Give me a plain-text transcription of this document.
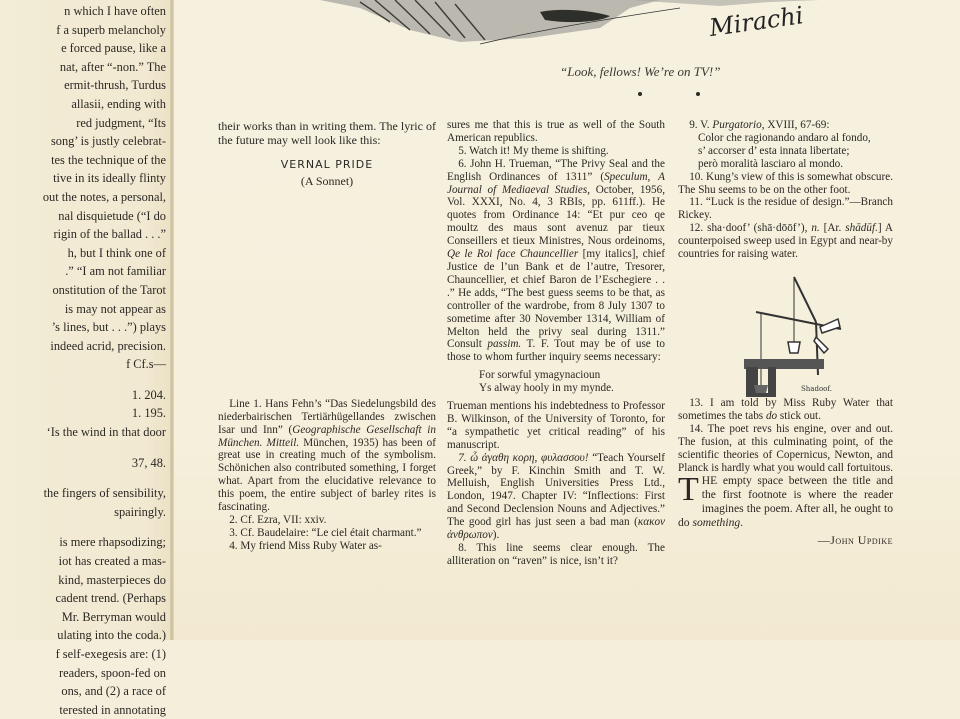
n which I have often

f a superb melancholy

e forced pause, like a

nat, after “-non.” The

ermit-thrush, Turdus

allasii, ending with

red judgment, “Its

song’ is justly celebrat-

tes the technique of the

tive in its ideally flinty

out the notes, a personal,

nal disquietude (“I do

rigin of the ballad . . .”

h, but I think one of

.” “I am not familiar

onstitution of the Tarot

is may not appear as

’s lines, but . . .”) plays

indeed acrid, precision.

f Cf.s—

1. 204.

1. 195.

‘Is the wind in that door

37, 48.

the fingers of sensibility,

spairingly.

is mere rhapsodizing;

iot has created a mas-

kind, masterpieces do

cadent trend. (Perhaps

Mr. Berryman would

ulating into the coda.)

f self-exegesis are: (1)

readers, spoon-fed on

ons, and (2) a race of

terested in annotating

Mirachi
“Look, fellows! We’re on TV!”

their works than in writing them. The lyric of the future may well look like this:

VERNAL PRIDE
(A Sonnet)

Line 1. Hans Fehn’s “Das Siedelungsbild des niederbairischen Tertiärhügellandes zwischen Isar und Inn” (Geographische Gesellschaft in München. Mitteil. München, 1935) has been of great use in creating much of the symbolism. Schönichen also contributed something, I forget what. Apart from the elucidative relevance to this poem, the entire subject of barley rites is fascinating.

2. Cf. Ezra, VII: xxiv.

3. Cf. Baudelaire: “Le ciel était charmant.”

4. My friend Miss Ruby Water as-

sures me that this is true as well of the South American republics.

5. Watch it! My theme is shifting.

6. John H. Trueman, “The Privy Seal and the English Ordinances of 1311” (Speculum, A Journal of Mediaeval Studies, October, 1956, Vol. XXXI, No. 4, 3 RBIs, pp. 611ff.). He quotes from Ordinance 14: “Et pur ceo qe moultz des maus sont avenuz par tieux Conseillers et tieux Ministres, Nous ordeinoms, Qe le Roi face Chauncellier [my italics], chief Justice de l’un Bank et de l’autre, Tresorer, Chauncellier, et chief Baron de l’Eschegiere . . .” He adds, “The best guess seems to be that, as controller of the wardrobe, from 8 July 1307 to sometime after 30 November 1314, William of Melton held the privy seal during 1311.” Consult passim. T. F. Tout may be of use to those to whom further inquiry seems necessary:

For sorwful ymagynacioun

Ys alway hooly in my mynde.

Trueman mentions his indebtedness to Professor B. Wilkinson, of the University of Toronto, for “a sympathetic yet critical reading” of his manuscript.

7. ὦ ἀγαθη κορη, φυλασσου! “Teach Yourself Greek,” by F. Kinchin Smith and T. W. Melluish, English Universities Press Ltd., London, 1947. Chapter IV: “Inflections: First and Second Declension Nouns and Adjectives.” The good girl has just seen a bad man (κακον ἀνθρωπον).

8. This line seems clear enough. The alliteration on “raven” is nice, isn’t it?

9. V. Purgatorio, XVIII, 67-69:

Color che ragionando andaro al fondo,

s’ accorser d’ esta innata libertate;

però moralità lasciaro al mondo.

10. Kung’s view of this is somewhat obscure. The Shu seems to be on the other foot.

11. “Luck is the residue of design.”—Branch Rickey.

12. sha·doof’ (shā·dōōf’), n. [Ar. shādūf.] A counterpoised sweep used in Egypt and near-by countries for raising water.

Shadoof.

13. I am told by Miss Ruby Water that sometimes the tabs do stick out.

14. The poet revs his engine, over and out. The fusion, at this culminating point, of the scientific theories of Copernicus, Newton, and Planck is hardly what you would call fortuitous.

THE empty space between the title and the first footnote is where the reader imagines the poem. After all, he ought to do something.

—John Updike
